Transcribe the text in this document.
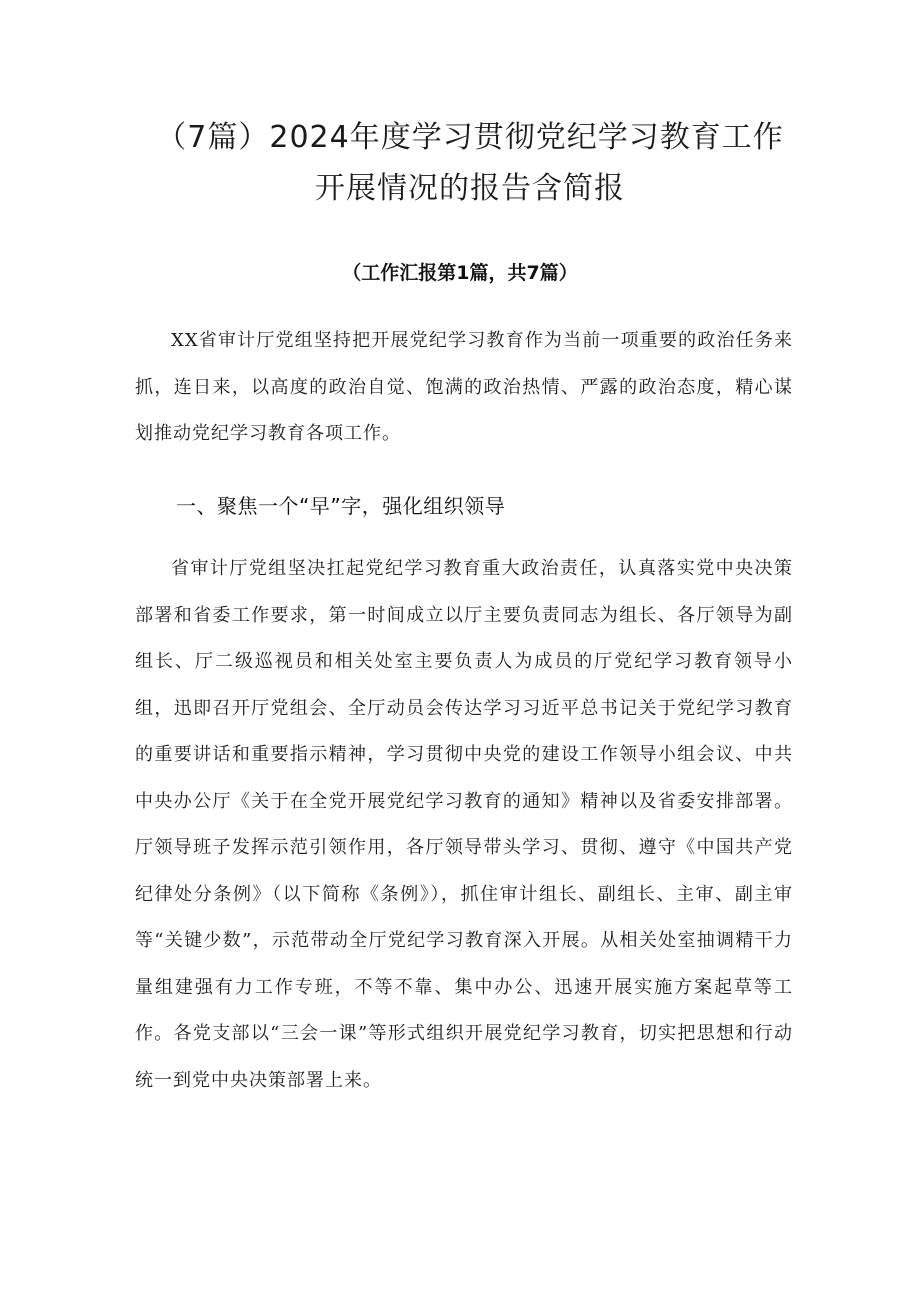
（7篇）2024年度学习贯彻党纪学习教育工作
开展情况的报告含简报
（工作汇报第1篇，共7篇）

XX省审计厅党组坚持把开展党纪学习教育作为当前一项重要的政治任务来抓，连日来，以高度的政治自觉、饱满的政治热情、严露的政治态度，精心谋划推动党纪学习教育各项工作。

一、聚焦一个“早”字，强化组织领导

省审计厅党组坚决扛起党纪学习教育重大政治责任，认真落实党中央决策部署和省委工作要求，第一时间成立以厅主要负责同志为组长、各厅领导为副组长、厅二级巡视员和相关处室主要负责人为成员的厅党纪学习教育领导小组，迅即召开厅党组会、全厅动员会传达学习习近平总书记关于党纪学习教育的重要讲话和重要指示精神，学习贯彻中央党的建设工作领导小组会议、中共中央办公厅《关于在全党开展党纪学习教育的通知》精神以及省委安排部署。厅领导班子发挥示范引领作用，各厅领导带头学习、贯彻、遵守《中国共产党纪律处分条例》（以下简称《条例》），抓住审计组长、副组长、主审、副主审等“关键少数”，示范带动全厅党纪学习教育深入开展。从相关处室抽调精干力量组建强有力工作专班，不等不靠、集中办公、迅速开展实施方案起草等工作。各党支部以“三会一课”等形式组织开展党纪学习教育，切实把思想和行动统一到党中央决策部署上来。
